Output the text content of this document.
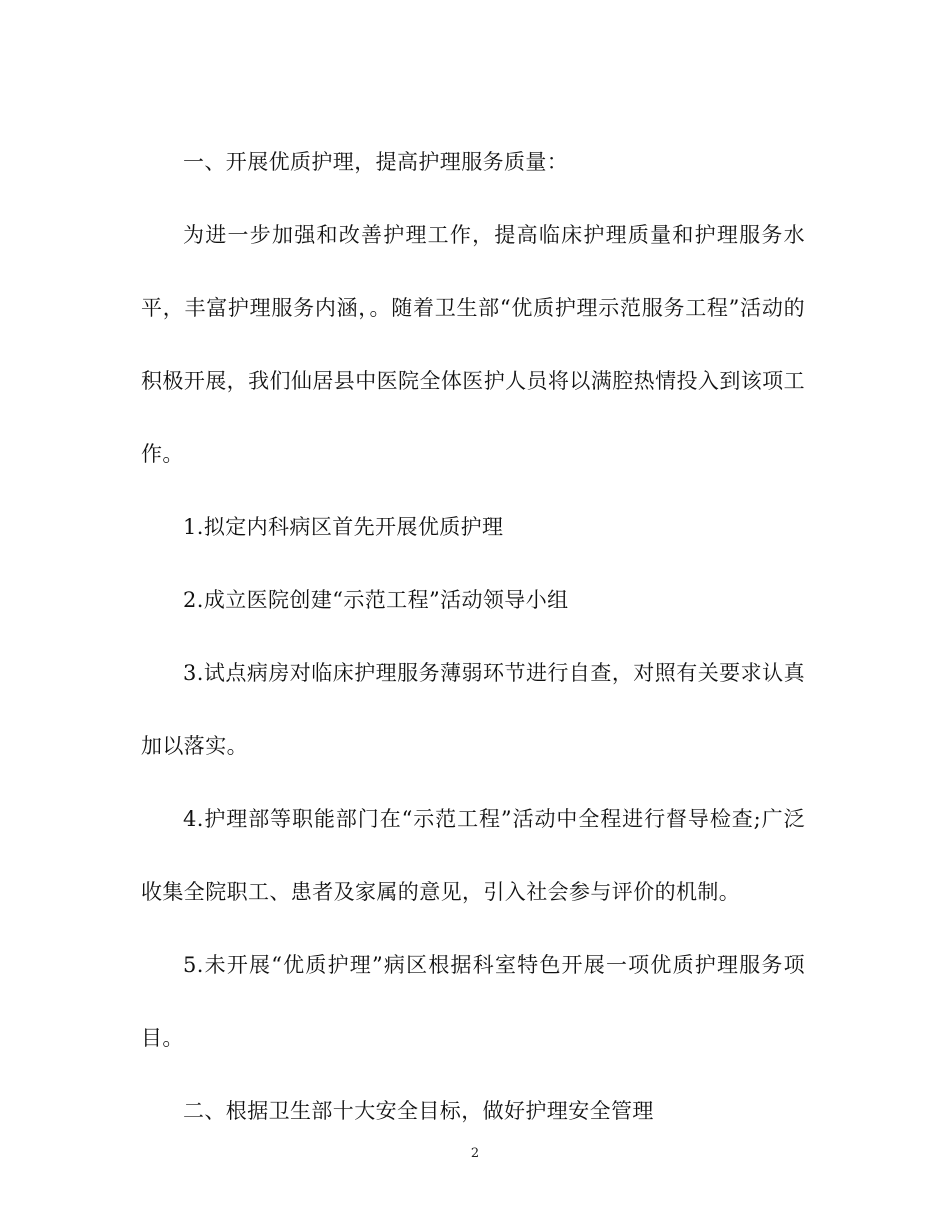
一、开展优质护理，提高护理服务质量：

为进一步加强和改善护理工作，提高临床护理质量和护理服务水平，丰富护理服务内涵，。随着卫生部“优质护理示范服务工程”活动的积极开展，我们仙居县中医院全体医护人员将以满腔热情投入到该项工作。

1.拟定内科病区首先开展优质护理

2.成立医院创建“示范工程”活动领导小组

3.试点病房对临床护理服务薄弱环节进行自查，对照有关要求认真加以落实。

4.护理部等职能部门在“示范工程”活动中全程进行督导检查;广泛收集全院职工、患者及家属的意见，引入社会参与评价的机制。

5.未开展“优质护理”病区根据科室特色开展一项优质护理服务项目。

二、根据卫生部十大安全目标，做好护理安全管理

2
